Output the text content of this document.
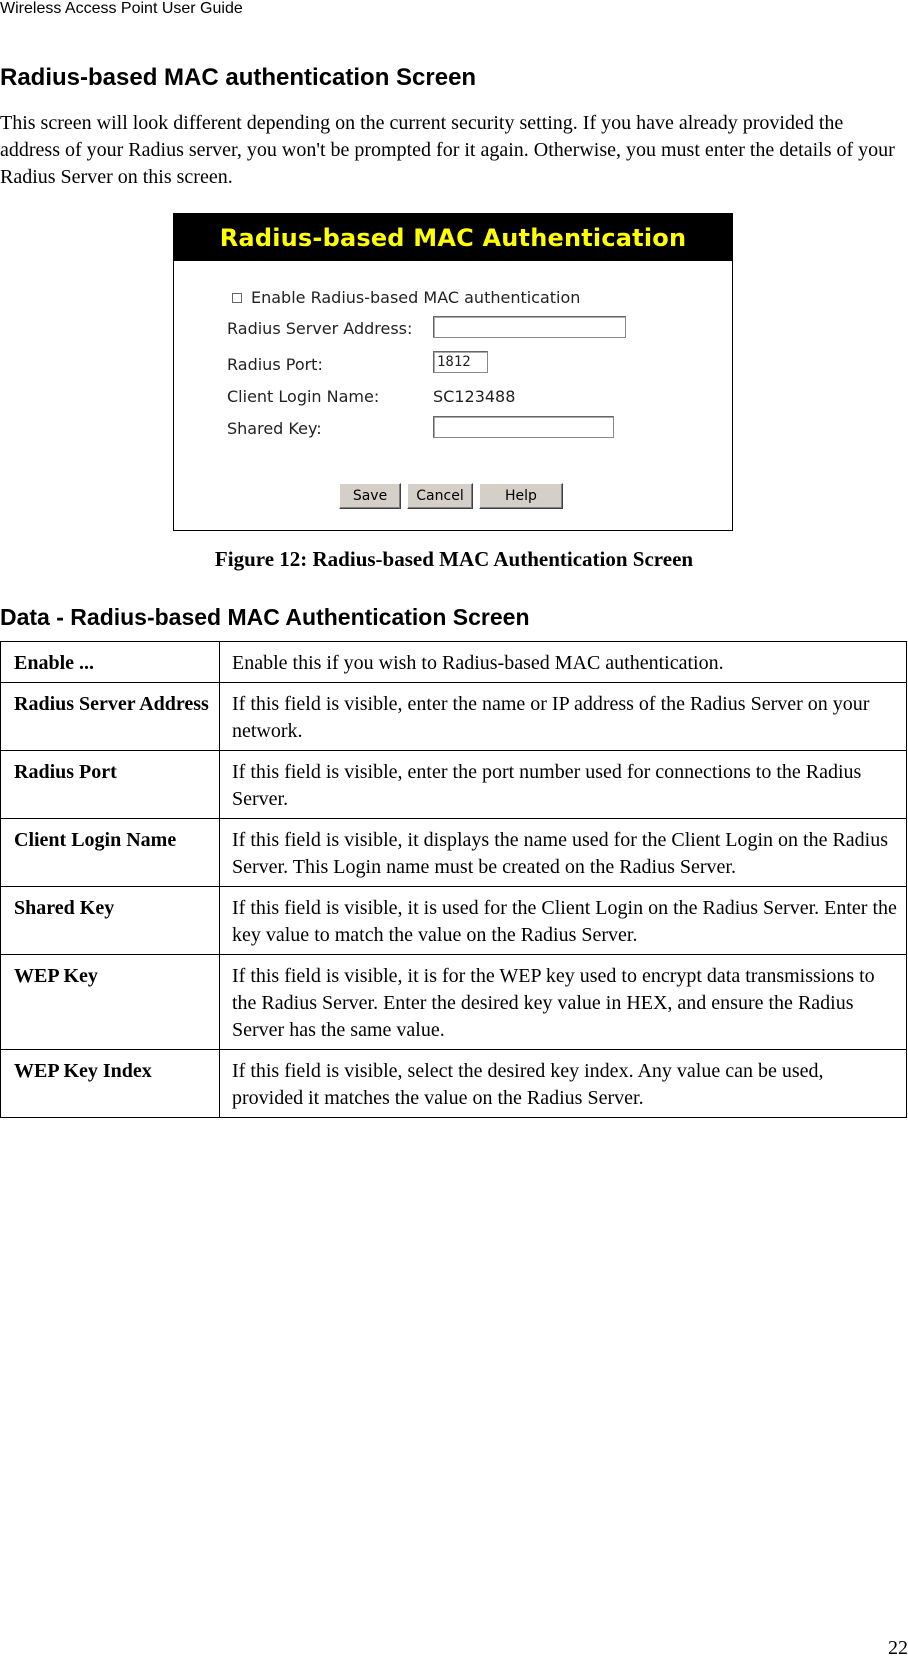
Wireless Access Point User Guide
Radius-based MAC authentication Screen

This screen will look different depending on the current security setting. If you have already provided the address of your Radius server, you won't be prompted for it again. Otherwise, you must enter the details of your Radius Server on this screen.

Radius-based MAC Authentication
Enable Radius-based MAC authentication
Radius Server Address:
Radius Port:	1812
Client Login Name:	SC123488
Shared Key:
Save	Cancel	Help
Figure 12: Radius-based MAC Authentication Screen
Data - Radius-based MAC Authentication Screen
Enable ...	Enable this if you wish to Radius-based MAC authentication.
Radius Server Address	If this field is visible, enter the name or IP address of the Radius Server on your network.
Radius Port	If this field is visible, enter the port number used for connections to the Radius Server.
Client Login Name	If this field is visible, it displays the name used for the Client Login on the Radius Server. This Login name must be created on the Radius Server.
Shared Key	If this field is visible, it is used for the Client Login on the Radius Server. Enter the key value to match the value on the Radius Server.
WEP Key	If this field is visible, it is for the WEP key used to encrypt data transmissions to the Radius Server. Enter the desired key value in HEX, and ensure the Radius Server has the same value.
WEP Key Index	If this field is visible, select the desired key index. Any value can be used, provided it matches the value on the Radius Server.
22
